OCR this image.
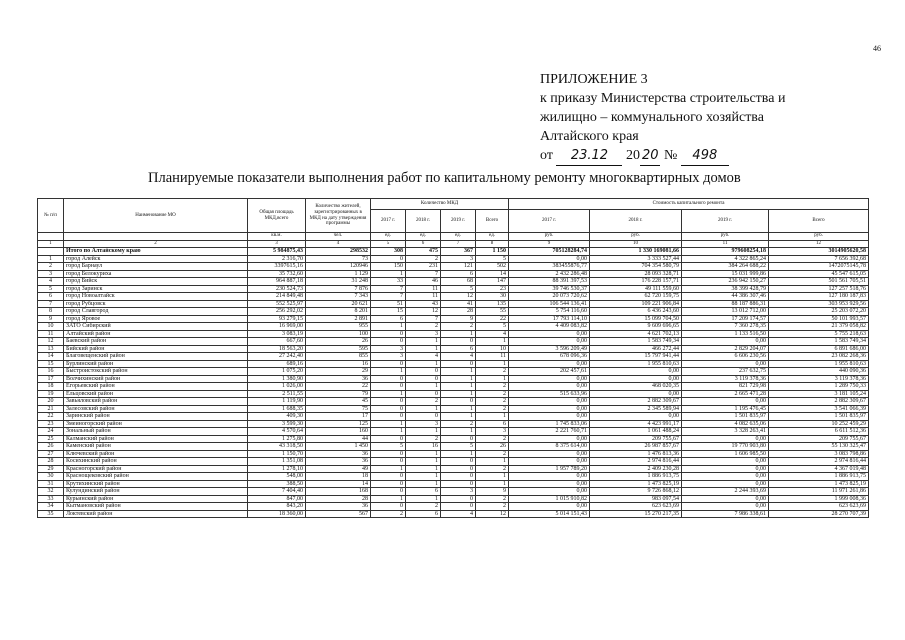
46
ПРИЛОЖЕНИЕ 3
к приказу Министерства строительства и
жилищно – коммунального хозяйства
Алтайского края
от 23.12 20 20 № 498
Планируемые показатели выполнения работ по капитальному ремонту многоквартирных домов
№ п/п	Наименование МО	Общая площадь МКД,всего	Количество жителей, зарегистрированных в МКД на дату утверждения программы	Количество МКД				Стоимость капитального ремонта			
				2017 г.	2018 г.	2019 г.	Всего	2017 г.	2018 г.	2019 г.	Всего
		кв.м.	чел.	ед.	ед.	ед.	ед.	руб.	руб.	руб.	руб.
1	2	3	4	5	6	7	8	9	10	11	12
	Итого по Алтайскому краю	5 984875,43	298532	308	475	367	1 150	705128284,74	1 330 169081,66	979608254,18	3014905620,58
1	город Алейск	2 316,70	73	0	2	3	5	0,00	3 333 527,44	4 322 865,24	7 656 392,68
2	город Барнаул	3397615,16	120946	150	231	121	502	383455876,77	704 354 580,79	384 264 688,22	1472075145,78
3	город Белокуриха	35 732,60	1 129	1	7	6	14	2 432 286,48	28 093 328,71	15 031 999,86	45 547 615,05
4	город Бийск	964 887,18	31 248	33	46	68	147	88 391 397,53	176 228 157,71	236 942 150,27	501 561 705,51
5	город Заринск	230 524,73	7 876	7	11	5	23	39 746 530,37	49 111 559,60	38 399 428,79	127 257 518,76
6	город Новоалтайск	214 849,48	7 343	7	11	12	30	20 073 720,62	62 720 159,75	44 386 307,46	127 180 187,83
7	город Рубцовск	552 525,97	20 621	51	43	41	135	106 544 136,41	109 221 906,84	88 187 886,31	303 953 929,56
8	город Славгород	256 292,02	8 201	15	12	28	55	5 754 116,60	6 436 243,60	13 012 712,00	25 203 072,20
9	город Яровое	93 279,15	2 891	6	7	9	22	17 793 114,10	15 099 704,50	17 209 174,57	50 101 993,57
10	ЗАТО Сибирский	16 969,00	955	1	2	2	5	4 409 083,82	9 609 696,65	7 360 278,35	21 379 058,82
11	Алтайский район	3 083,19	100	0	3	1	4	0,00	4 621 702,13	1 133 516,50	5 755 218,63
12	Баевский район	667,60	26	0	1	0	1	0,00	1 583 749,34	0,00	1 583 749,34
13	Бийский район	18 563,20	595	3	1	6	10	3 596 209,49	466 272,44	2 829 204,07	6 891 686,00
14	Благовещенский район	27 242,40	855	3	4	4	11	678 096,36	15 797 941,44	6 606 230,56	23 082 268,36
15	Бурлинский район	689,16	16	0	1	0	1	0,00	1 955 810,63	0,00	1 955 810,63
16	Быстроистокский район	1 075,20	29	1	0	1	2	202 457,61	0,00	237 632,75	440 090,36
17	Волчихинский район	1 380,90	36	0	0	1	1	0,00	0,00	3 119 378,36	3 119 378,36
18	Егорьевский район	1 026,00	22	0	1	1	2	0,00	468 020,35	821 729,98	1 289 750,33
19	Ельцовский район	2 511,55	79	1	0	1	2	515 633,96	0,00	2 665 471,28	3 181 105,24
20	Завьяловский район	1 119,90	45	0	2	0	2	0,00	2 882 309,67	0,00	2 882 309,67
21	Залесовский район	1 688,35	75	0	1	1	2	0,00	2 345 589,94	1 195 476,45	3 541 066,39
22	Заринский район	409,30	17	0	0	1	1	0,00	0,00	1 501 835,97	1 501 835,97
23	Змеиногорский район	3 599,30	125	1	3	2	6	1 745 833,06	4 423 991,17	4 082 635,06	10 252 459,29
24	Зональный район	4 570,64	160	1	1	1	3	2 221 760,71	1 061 488,24	3 328 263,41	6 611 512,36
25	Калманский район	1 275,80	44	0	2	0	2	0,00	209 755,67	0,00	209 755,67
26	Каменский район	43 318,50	1 450	5	16	5	26	8 375 614,00	26 987 857,67	19 770 903,80	55 130 325,47
27	Ключевский район	1 150,70	36	0	1	1	2	0,00	1 476 813,36	1 606 985,50	3 083 798,86
28	Косихинский район	1 351,08	36	0	1	0	1	0,00	2 974 816,44	0,00	2 974 816,44
29	Красногорский район	1 278,10	49	1	1	0	2	1 957 789,20	2 409 230,28	0,00	4 367 019,48
30	Краснощековский район	548,00	18	0	1	0	1	0,00	1 886 913,75	0,00	1 886 913,75
31	Крутихинский район	388,50	14	0	1	0	1	0,00	1 473 825,19	0,00	1 473 825,19
32	Кулундинский район	7 404,40	168	0	6	3	9	0,00	9 726 868,12	2 244 393,69	11 971 261,86
33	Курьинский район	847,00	28	1	1	0	2	1 015 910,82	983 097,54	0,00	1 999 008,36
34	Кытмановский район	843,20	36	0	2	0	2	0,00	623 623,69	0,00	623 623,69
35	Локтевский район	18 360,00	567	2	6	4	12	5 014 151,43	15 270 217,35	7 986 338,61	28 270 707,39
